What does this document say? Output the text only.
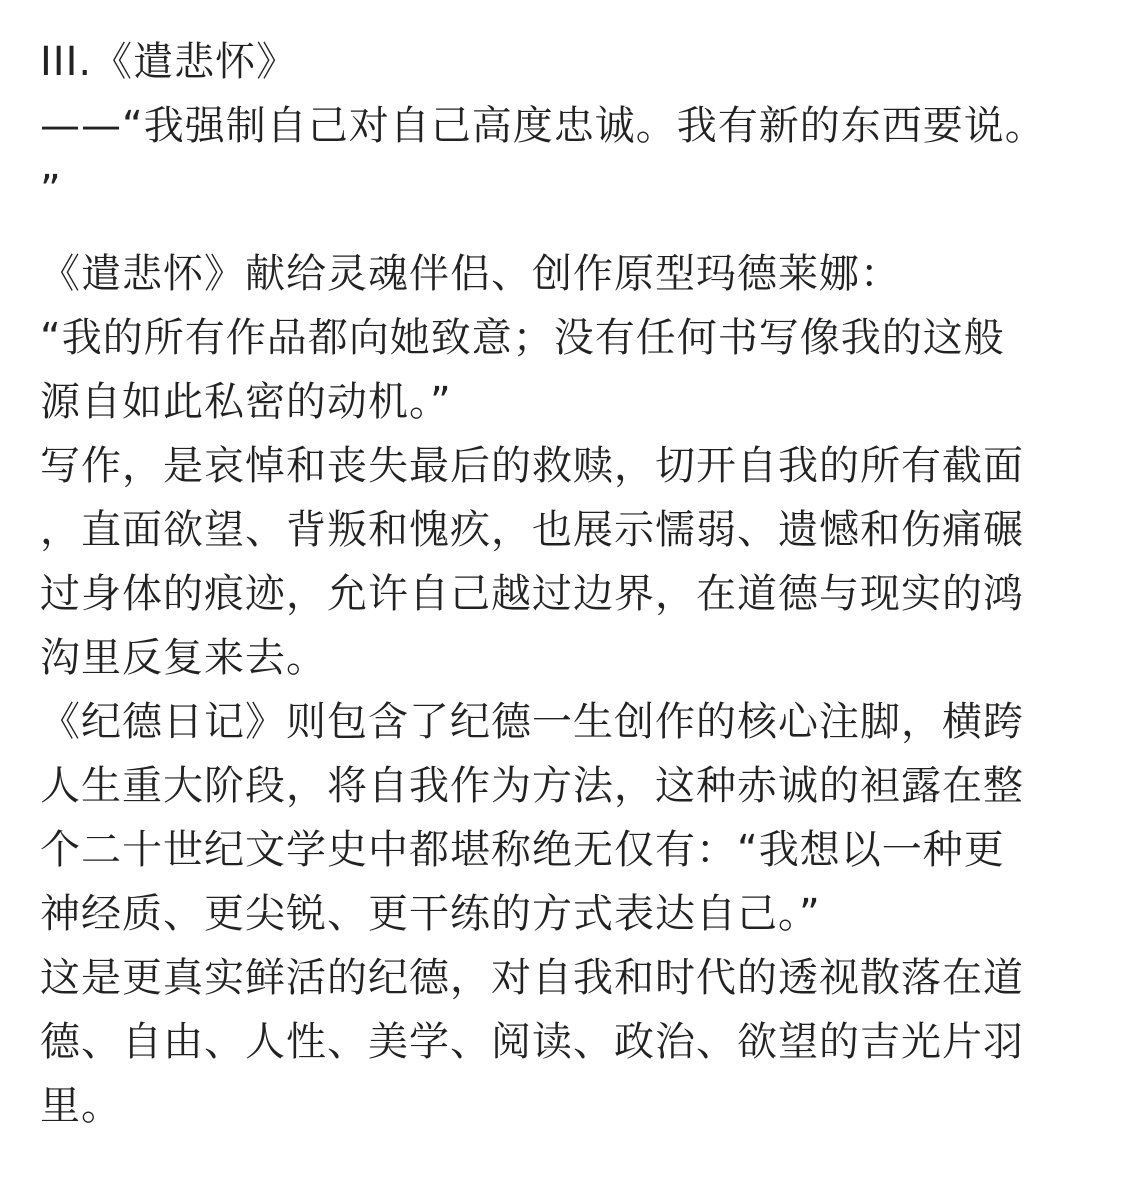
III.《遣悲怀》
——“我强制自己对自己高度忠诚。我有新的东西要说。
”
《遣悲怀》献给灵魂伴侣、创作原型玛德莱娜：
“我的所有作品都向她致意；没有任何书写像我的这般
源自如此私密的动机。”
写作，是哀悼和丧失最后的救赎，切开自我的所有截面
，直面欲望、背叛和愧疚，也展示懦弱、遗憾和伤痛碾
过身体的痕迹，允许自己越过边界，在道德与现实的鸿
沟里反复来去。
《纪德日记》则包含了纪德一生创作的核心注脚，横跨
人生重大阶段，将自我作为方法，这种赤诚的袒露在整
个二十世纪文学史中都堪称绝无仅有：“我想以一种更
神经质、更尖锐、更干练的方式表达自己。”
这是更真实鲜活的纪德，对自我和时代的透视散落在道
德、自由、人性、美学、阅读、政治、欲望的吉光片羽
里。
